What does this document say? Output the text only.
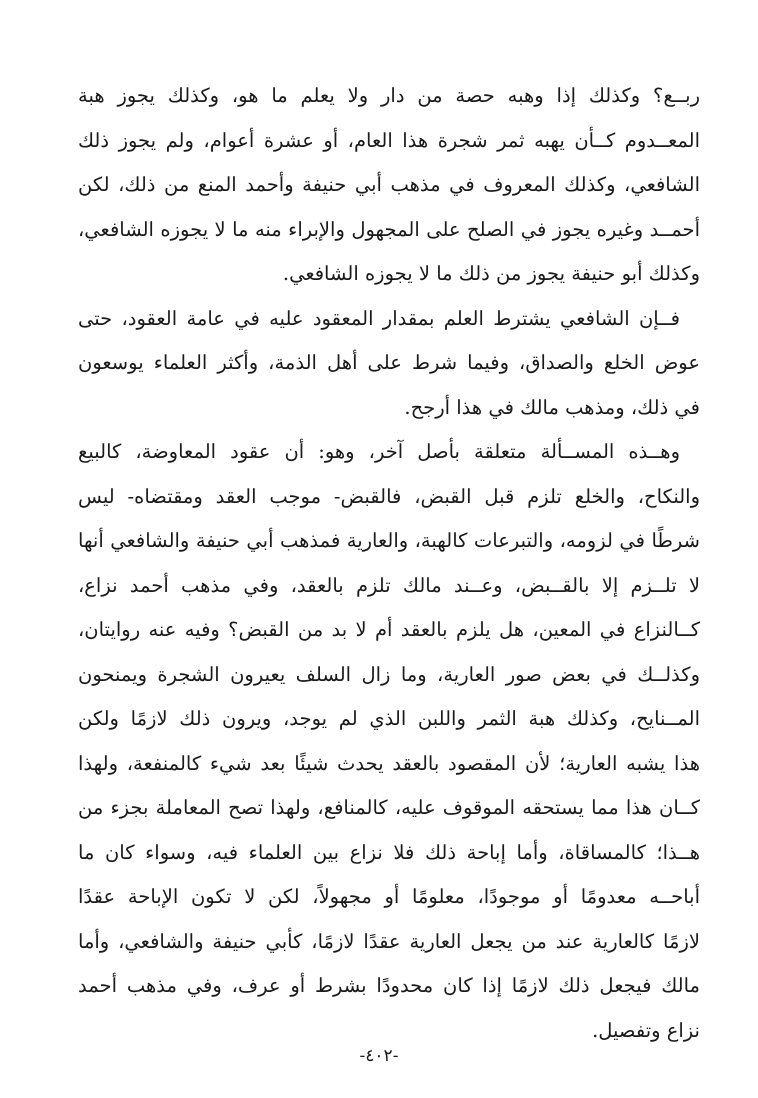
ربــع؟ وكذلك إذا وهبه حصة من دار ولا يعلم ما هو، وكذلك يجوز هبة
المعــدوم كــأن يهبه ثمر شجرة هذا العام، أو عشرة أعوام، ولم يجوز ذلك
الشافعي، وكذلك المعروف في مذهب أبي حنيفة وأحمد المنع من ذلك، لكن
أحمــد وغيره يجوز في الصلح على المجهول والإبراء منه ما لا يجوزه الشافعي،
وكذلك أبو حنيفة يجوز من ذلك ما لا يجوزه الشافعي.

فــإن الشافعي يشترط العلم بمقدار المعقود عليه في عامة العقود، حتى
عوض الخلع والصداق، وفيما شرط على أهل الذمة، وأكثر العلماء يوسعون
في ذلك، ومذهب مالك في هذا أرجح.

وهــذه المســألة متعلقة بأصل آخر، وهو: أن عقود المعاوضة، كالبيع
والنكاح، والخلع تلزم قبل القبض، فالقبض- موجب العقد ومقتضاه- ليس
شرطًا في لزومه، والتبرعات كالهبة، والعارية فمذهب أبي حنيفة والشافعي أنها
لا تلــزم إلا بالقــبض، وعــند مالك تلزم بالعقد، وفي مذهب أحمد نزاع،
كــالنزاع في المعين، هل يلزم بالعقد أم لا بد من القبض؟ وفيه عنه روايتان،
وكذلــك في بعض صور العارية، وما زال السلف يعيرون الشجرة ويمنحون
المــنايح، وكذلك هبة الثمر واللبن الذي لم يوجد، ويرون ذلك لازمًا ولكن
هذا يشبه العارية؛ لأن المقصود بالعقد يحدث شيئًا بعد شيء كالمنفعة، ولهذا
كــان هذا مما يستحقه الموقوف عليه، كالمنافع، ولهذا تصح المعاملة بجزء من
هــذا؛ كالمساقاة، وأما إباحة ذلك فلا نزاع بين العلماء فيه، وسواء كان ما
أباحــه معدومًا أو موجودًا، معلومًا أو مجهولاً، لكن لا تكون الإباحة عقدًا
لازمًا كالعارية عند من يجعل العارية عقدًا لازمًا، كأبي حنيفة والشافعي، وأما
مالك فيجعل ذلك لازمًا إذا كان محدودًا بشرط أو عرف، وفي مذهب أحمد
نزاع وتفصيل.

-٤٠٢-
